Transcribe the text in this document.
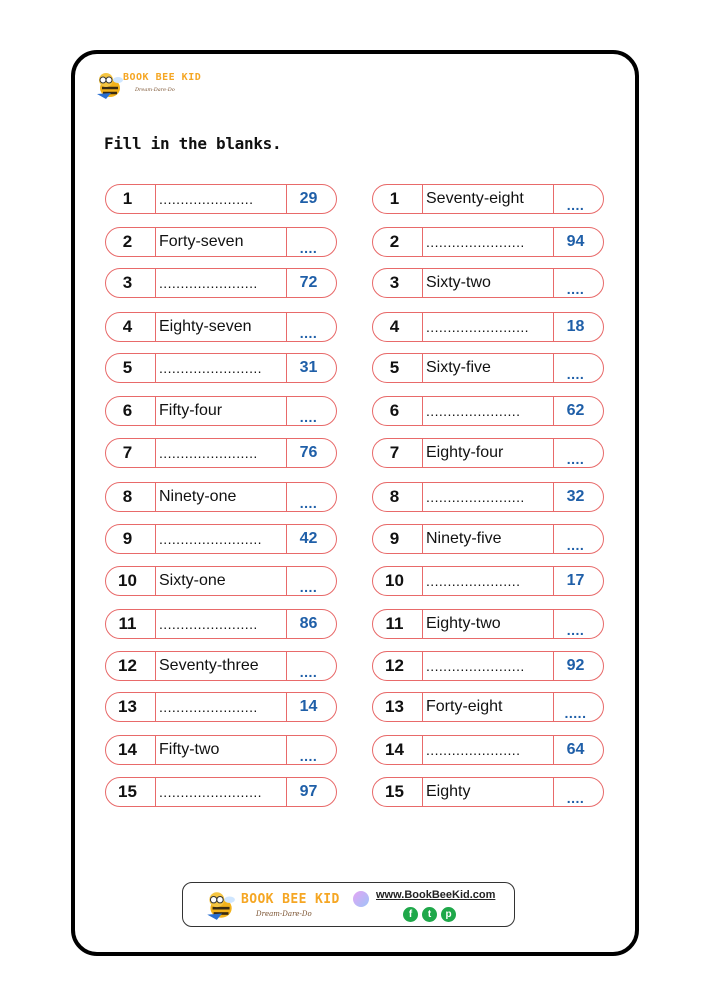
BOOK BEE KID
Dream-Dare-Do
Fill in the blanks.
1	......................	29
2	Forty-seven	....
3	.......................	72
4	Eighty-seven	....
5	........................	31
6	Fifty-four	....
7	.......................	76
8	Ninety-one	....
9	........................	42
10	Sixty-one	....
11	.......................	86
12	Seventy-three	....
13	.......................	14
14	Fifty-two	....
15	........................	97
1	Seventy-eight	....
2	.......................	94
3	Sixty-two	....
4	........................	18
5	Sixty-five	....
6	......................	62
7	Eighty-four	....
8	.......................	32
9	Ninety-five	....
10	......................	17
11	Eighty-two	....
12	.......................	92
13	Forty-eight	.....
14	......................	64
15	Eighty	....
BOOK BEE KID
Dream-Dare-Do
www.BookBeeKid.com
f	t	p
